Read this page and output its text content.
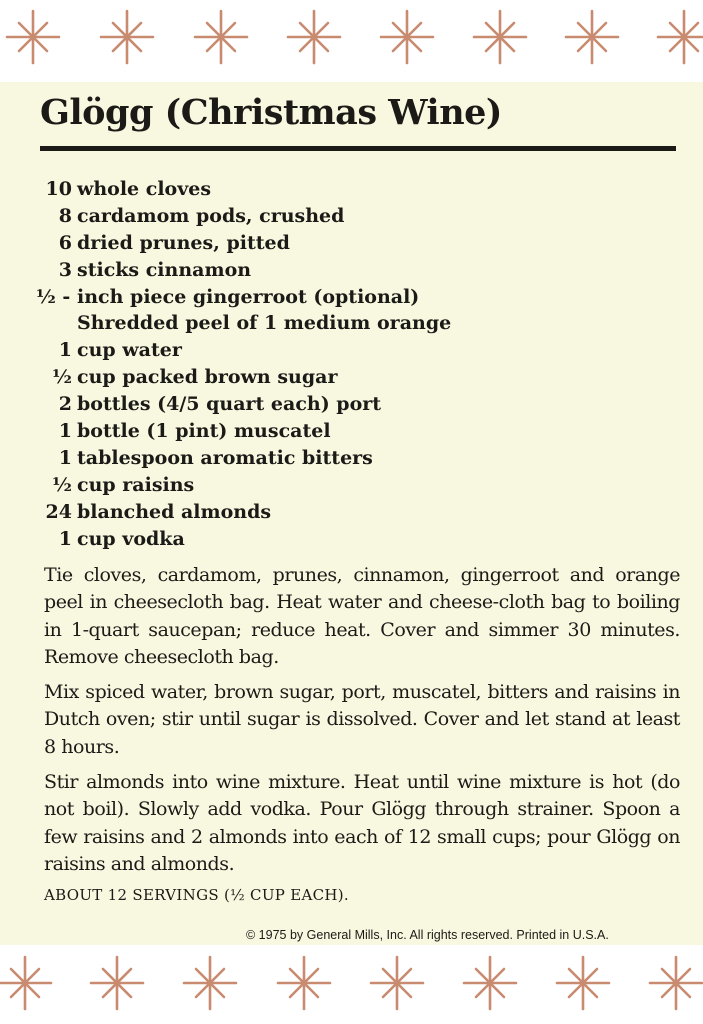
Glögg (Christmas Wine)
10 whole cloves
8 cardamom pods, crushed
6 dried prunes, pitted
3 sticks cinnamon
½ - inch piece gingerroot (optional)
Shredded peel of 1 medium orange
1 cup water
½ cup packed brown sugar
2 bottles (4/5 quart each) port
1 bottle (1 pint) muscatel
1 tablespoon aromatic bitters
½ cup raisins
24 blanched almonds
1 cup vodka

Tie cloves, cardamom, prunes, cinnamon, gingerroot and orange peel in cheesecloth bag. Heat water and cheese-cloth bag to boiling in 1-quart saucepan; reduce heat. Cover and simmer 30 minutes. Remove cheesecloth bag.

Mix spiced water, brown sugar, port, muscatel, bitters and raisins in Dutch oven; stir until sugar is dissolved. Cover and let stand at least 8 hours.

Stir almonds into wine mixture. Heat until wine mixture is hot (do not boil). Slowly add vodka. Pour Glögg through strainer. Spoon a few raisins and 2 almonds into each of 12 small cups; pour Glögg on raisins and almonds.

ABOUT 12 SERVINGS (½ CUP EACH).
© 1975 by General Mills, Inc. All rights reserved. Printed in U.S.A.
